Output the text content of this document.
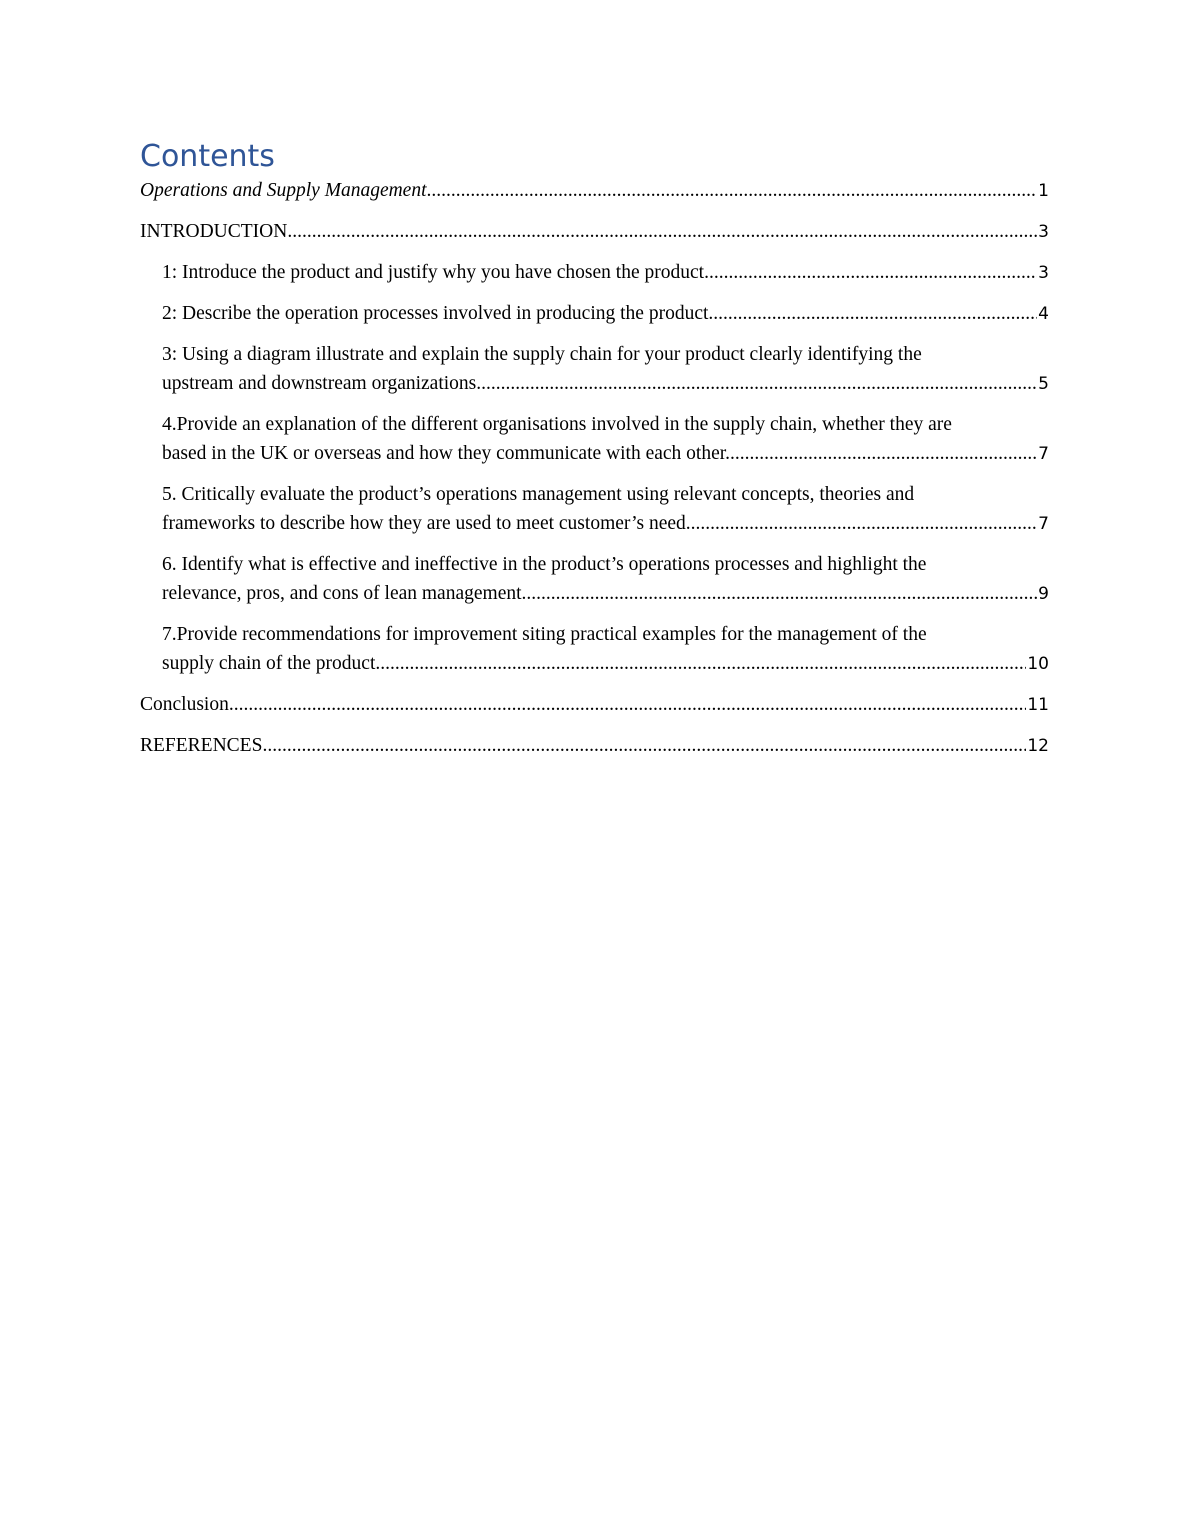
Contents
Operations and Supply Management .....	1
INTRODUCTION .....	3
1: Introduce the product and justify why you have chosen the product .....	3
2: Describe the operation processes involved in producing the product .....	4
3: Using a diagram illustrate and explain the supply chain for your product clearly identifying the
upstream and downstream organizations .....	5
4.Provide an explanation of the different organisations involved in the supply chain, whether they are
based in the UK or overseas and how they communicate with each other. .....	7
5. Critically evaluate the product’s operations management using relevant concepts, theories and
frameworks to describe how they are used to meet customer’s need. .....	7
6. Identify what is effective and ineffective in the product’s operations processes and highlight the
relevance, pros, and cons of lean management. .....	9
7.Provide recommendations for improvement siting practical examples for the management of the
supply chain of the product. .....	10
Conclusion. .....	11
REFERENCES .....	12
